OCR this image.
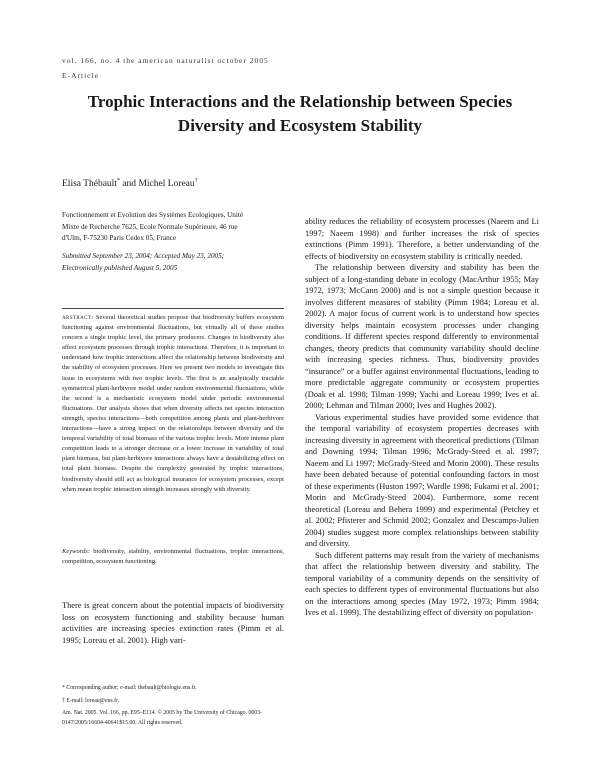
vol. 166, no. 4 the american naturalist october 2005
E-Article
Trophic Interactions and the Relationship between Species
Diversity and Ecosystem Stability
Elisa Thébault* and Michel Loreau†

Fonctionnement et Evolution des Systèmes Ecologiques, Unité

Mixte de Recherche 7625, Ecole Normale Supérieure, 46 rue

d'Ulm, F-75230 Paris Cedex 05, France

Submitted September 23, 2004; Accepted May 23, 2005;

Electronically published August 5, 2005

abstract: Several theoretical studies propose that biodiversity buffers ecosystem functioning against environmental fluctuations, but virtually all of these studies concern a single trophic level, the primary producers. Changes in biodiversity also affect ecosystem processes through trophic interactions. Therefore, it is important to understand how trophic interactions affect the relationship between biodiversity and the stability of ecosystem processes. Here we present two models to investigate this issue in ecosystems with two trophic levels. The first is an analytically tractable symmetrical plant-herbivore model under random environmental fluctuations, while the second is a mechanistic ecosystem model under periodic environmental fluctuations. Our analysis shows that when diversity affects net species interaction strength, species interactions—both competition among plants and plant-herbivore interactions—have a strong impact on the relationships between diversity and the temporal variability of total biomass of the various trophic levels. More intense plant competition leads to a stronger decrease or a lower increase in variability of total plant biomass, but plant-herbivore interactions always have a destabilizing effect on total plant biomass. Despite the complexity generated by trophic interactions, biodiversity should still act as biological insurance for ecosystem processes, except when mean trophic interaction strength increases strongly with diversity.

Keywords: biodiversity, stability, environmental fluctuations, trophic interactions, competition, ecosystem functioning.

There is great concern about the potential impacts of biodiversity loss on ecosystem functioning and stability because human activities are increasing species extinction rates (Pimm et al. 1995; Loreau et al. 2001). High vari-

* Corresponding author; e-mail: thebault@biologie.ens.fr.

† E-mail: loreau@ens.fr.

Am. Nat. 2005. Vol. 166, pp. E95–E114. © 2005 by The University of Chicago. 0003-0147/2005/16604-40641$15.00. All rights reserved.

ability reduces the reliability of ecosystem processes (Naeem and Li 1997; Naeem 1998) and further increases the risk of species extinctions (Pimm 1991). Therefore, a better understanding of the effects of biodiversity on ecosystem stability is critically needed.

The relationship between diversity and stability has been the subject of a long-standing debate in ecology (MacArthur 1955; May 1972, 1973; McCann 2000) and is not a simple question because it involves different measures of stability (Pimm 1984; Loreau et al. 2002). A major focus of current work is to understand how species diversity helps maintain ecosystem processes under changing conditions. If different species respond differently to environmental changes, theory predicts that community variability should decline with increasing species richness. Thus, biodiversity provides “insurance” or a buffer against environmental fluctuations, leading to more predictable aggregate community or ecosystem properties (Doak et al. 1998; Tilman 1999; Yachi and Loreau 1999; Ives et al. 2000; Lehman and Tilman 2000; Ives and Hughes 2002).

Various experimental studies have provided some evidence that the temporal variability of ecosystem properties decreases with increasing diversity in agreement with theoretical predictions (Tilman and Downing 1994; Tilman 1996; McGrady-Steed et al. 1997; Naeem and Li 1997; McGrady-Steed and Morin 2000). These results have been debated because of potential confounding factors in most of these experiments (Huston 1997; Wardle 1998; Fukami et al. 2001; Morin and McGrady-Steed 2004). Furthermore, some recent theoretical (Loreau and Behera 1999) and experimental (Petchey et al. 2002; Pfisterer and Schmid 2002; Gonzalez and Descamps-Julien 2004) studies suggest more complex relationships between stability and diversity.

Such different patterns may result from the variety of mechanisms that affect the relationship between diversity and stability. The temporal variability of a community depends on the sensitivity of each species to different types of environmental fluctuations but also on the interactions among species (May 1972, 1973; Pimm 1984; Ives et al. 1999). The destabilizing effect of diversity on population-
